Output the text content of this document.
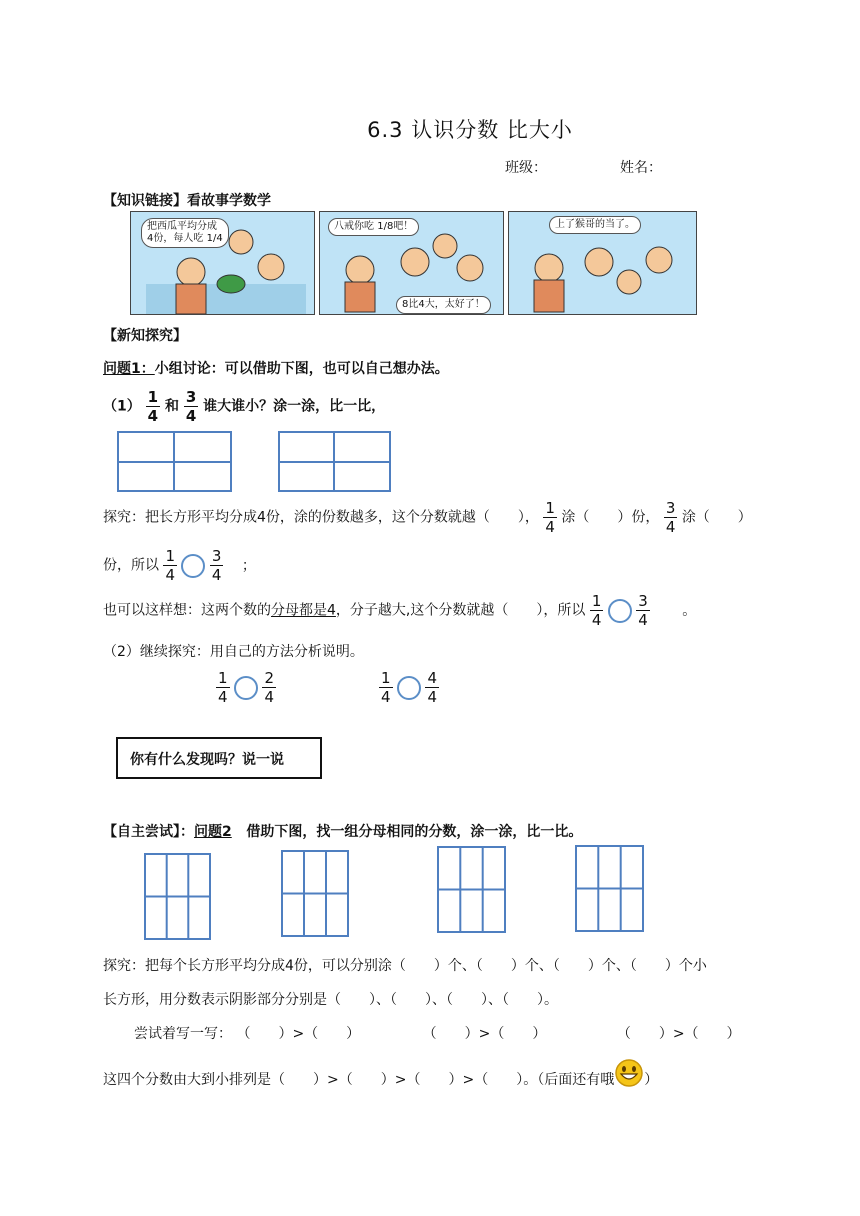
6.3 认识分数 比大小
班级：	姓名：
【知识链接】看故事学数学
把西瓜平均分成
4份，每人吃 1/4
八戒你吃 1/8吧！
8比4大，太好了！
上了猴哥的当了。
【新知探究】
问题1：小组讨论：可以借助下图，也可以自己想办法。
$(1) \frac{1}{4}$ 和 $\frac{3}{4}$ 谁大谁小？涂一涂，比一比，
探究：把长方形平均分成4份，涂的份数越多，这个分数就越（　　）， $\frac{1}{4}$ 涂（　　）份， $\frac{3}{4}$ 涂（　　）
份，所以 $\frac{1}{4}$
$\frac{3}{4}$ ；
也可以这样想：这两个数的分母都是4，分子越大,这个分数就越（　　），所以 $\frac{1}{4}$
$\frac{3}{4}$ 。
（2）继续探究：用自己的方法分析说明。
$\frac{1}{4}$
$\frac{2}{4}$	$\frac{1}{4}$
$\frac{4}{4}$
你有什么发现吗？说一说
【自主尝试】：问题2 借助下图，找一组分母相同的分数，涂一涂，比一比。
探究：把每个长方形平均分成4份，可以分别涂（　　）个、（　　）个、（　　）个、（　　）个小
长方形，用分数表示阴影部分分别是（　　）、（　　）、（　　）、（　　）。
尝试着写一写： （　　）>（　　）	（　　）>（　　）	（　　）>（　　）
这四个分数由大到小排列是（　　）>（　　）>（　　）>（　　）。（后面还有哦 ）
